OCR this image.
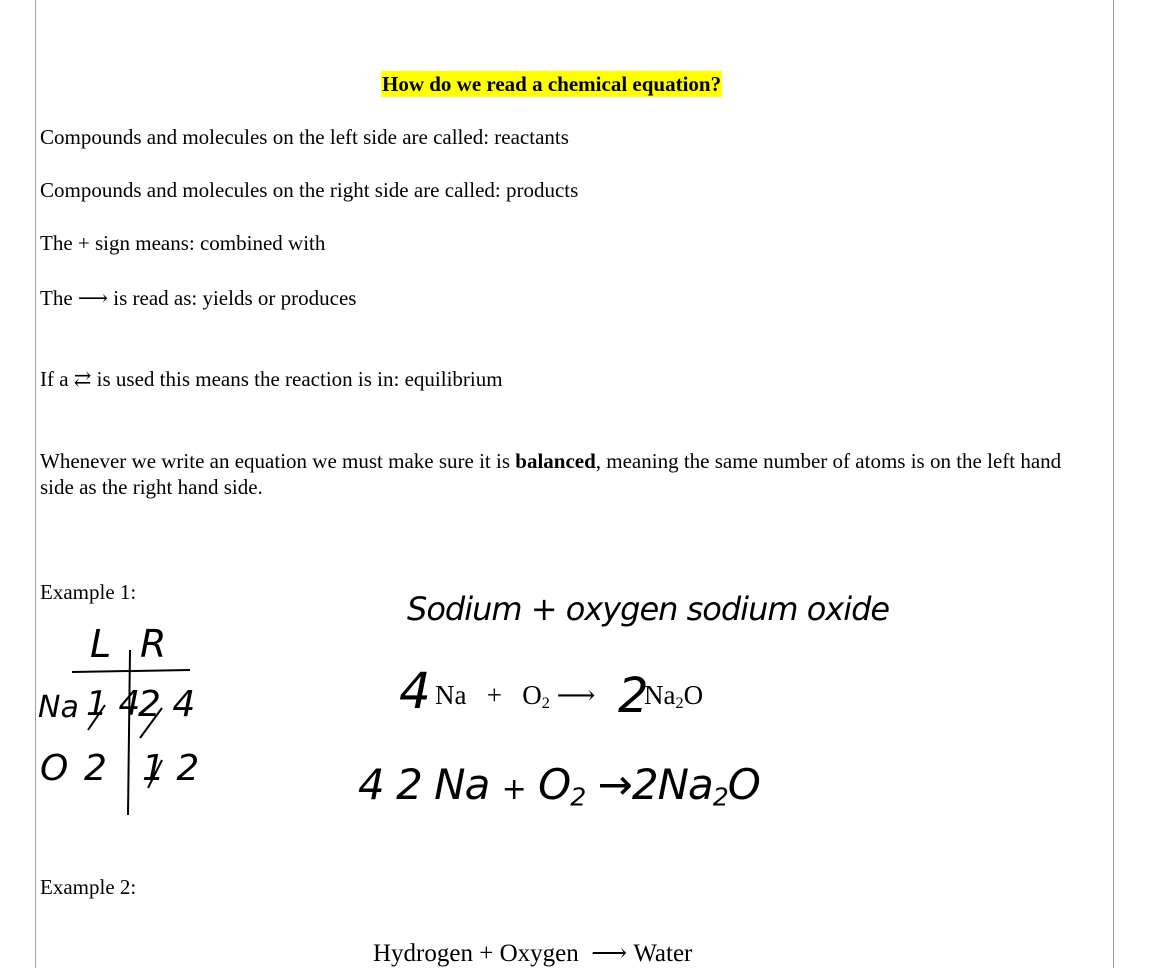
How do we read a chemical equation?
Compounds and molecules on the left side are called: reactants
Compounds and molecules on the right side are called: products
The + sign means: combined with
The ⟶ is read as: yields or produces
If a ⇄ is used this means the reaction is in: equilibrium
Whenever we write an equation we must make sure it is balanced, meaning the same number of atoms is on the left hand side as the right hand side.
Example 1:	Sodium + oxygen sodium oxide
4 $Na + O_2$ ⟶ 2
$Na_2O$
4 2 $Na + O_2 \to 2Na_2O$
L R
Na 1 4
2 4
O 2 1 2
Example 2:
Hydrogen + Oxygen ⟶ Water
